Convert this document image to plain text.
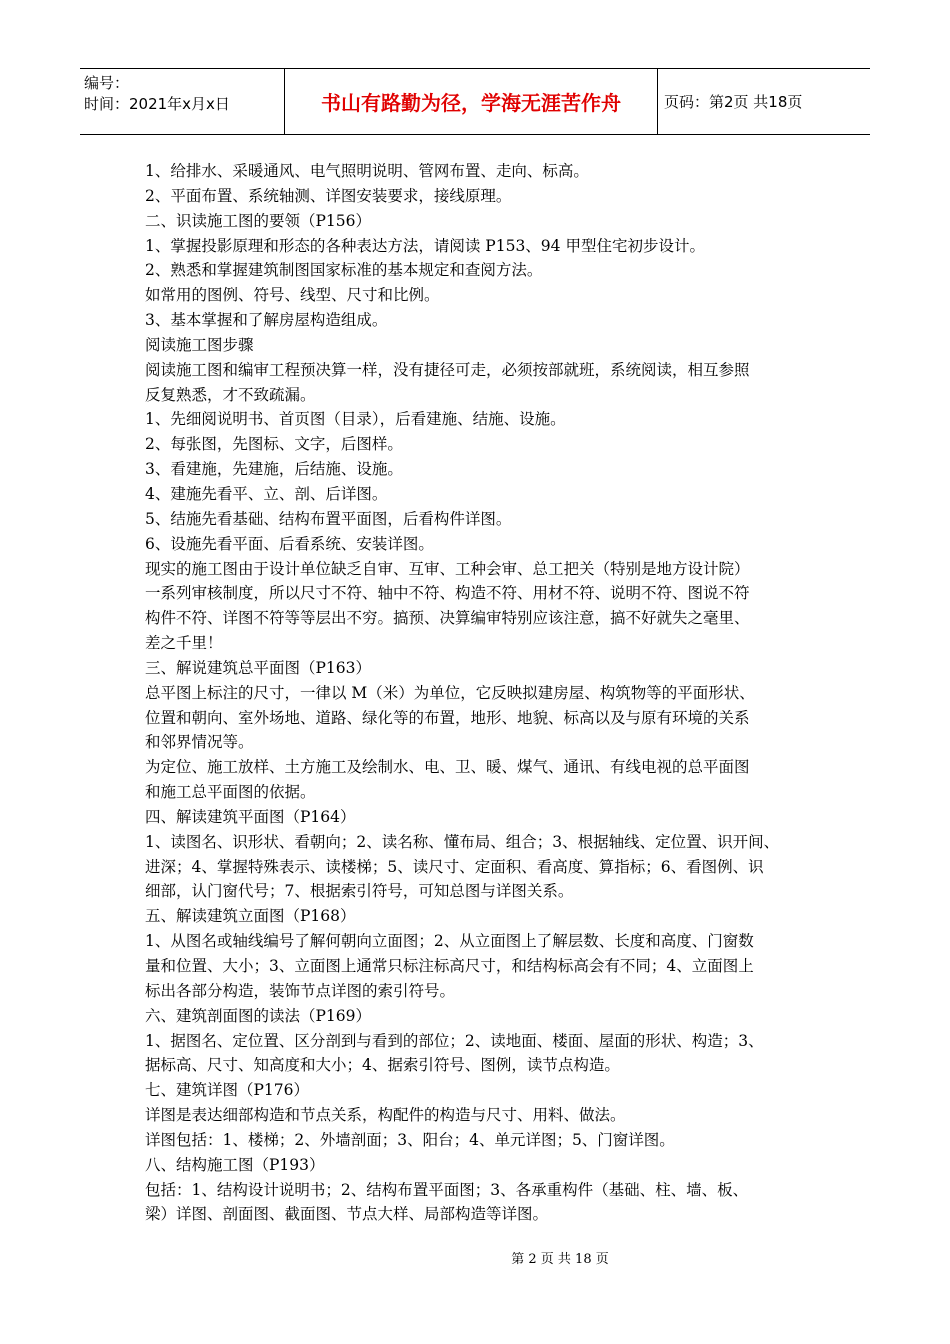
编号：
时间：2021年x月x日	书山有路勤为径，学海无涯苦作舟	页码：第2页 共18页

1、给排水、采暖通风、电气照明说明、管网布置、走向、标高。

2、平面布置、系统轴测、详图安装要求，接线原理。

二、识读施工图的要领（P156）

1、掌握投影原理和形态的各种表达方法，请阅读 P153、94 甲型住宅初步设计。

2、熟悉和掌握建筑制图国家标准的基本规定和查阅方法。

如常用的图例、符号、线型、尺寸和比例。

3、基本掌握和了解房屋构造组成。

阅读施工图步骤

阅读施工图和编审工程预决算一样，没有捷径可走，必须按部就班，系统阅读，相互参照

反复熟悉，才不致疏漏。

1、先细阅说明书、首页图（目录），后看建施、结施、设施。

2、每张图，先图标、文字，后图样。

3、看建施，先建施，后结施、设施。

4、建施先看平、立、剖、后详图。

5、结施先看基础、结构布置平面图，后看构件详图。

6、设施先看平面、后看系统、安装详图。

现实的施工图由于设计单位缺乏自审、互审、工种会审、总工把关（特别是地方设计院）

一系列审核制度，所以尺寸不符、轴中不符、构造不符、用材不符、说明不符、图说不符

构件不符、详图不符等等层出不穷。搞预、决算编审特别应该注意，搞不好就失之毫里、

差之千里！

三、解说建筑总平面图（P163）

总平图上标注的尺寸，一律以 M（米）为单位，它反映拟建房屋、构筑物等的平面形状、

位置和朝向、室外场地、道路、绿化等的布置，地形、地貌、标高以及与原有环境的关系

和邻界情况等。

为定位、施工放样、土方施工及绘制水、电、卫、暖、煤气、通讯、有线电视的总平面图

和施工总平面图的依据。

四、解读建筑平面图（P164）

1、读图名、识形状、看朝向；2、读名称、懂布局、组合；3、根据轴线、定位置、识开间、

进深；4、掌握特殊表示、读楼梯；5、读尺寸、定面积、看高度、算指标；6、看图例、识

细部，认门窗代号；7、根据索引符号，可知总图与详图关系。

五、解读建筑立面图（P168）

1、从图名或轴线编号了解何朝向立面图；2、从立面图上了解层数、长度和高度、门窗数

量和位置、大小；3、立面图上通常只标注标高尺寸，和结构标高会有不同；4、立面图上

标出各部分构造，装饰节点详图的索引符号。

六、建筑剖面图的读法（P169）

1、据图名、定位置、区分剖到与看到的部位；2、读地面、楼面、屋面的形状、构造；3、

据标高、尺寸、知高度和大小；4、据索引符号、图例，读节点构造。

七、建筑详图（P176）

详图是表达细部构造和节点关系，构配件的构造与尺寸、用料、做法。

详图包括：1、楼梯；2、外墙剖面；3、阳台；4、单元详图；5、门窗详图。

八、结构施工图（P193）

包括：1、结构设计说明书；2、结构布置平面图；3、各承重构件（基础、柱、墙、板、

梁）详图、剖面图、截面图、节点大样、局部构造等详图。

第 2 页 共 18 页
